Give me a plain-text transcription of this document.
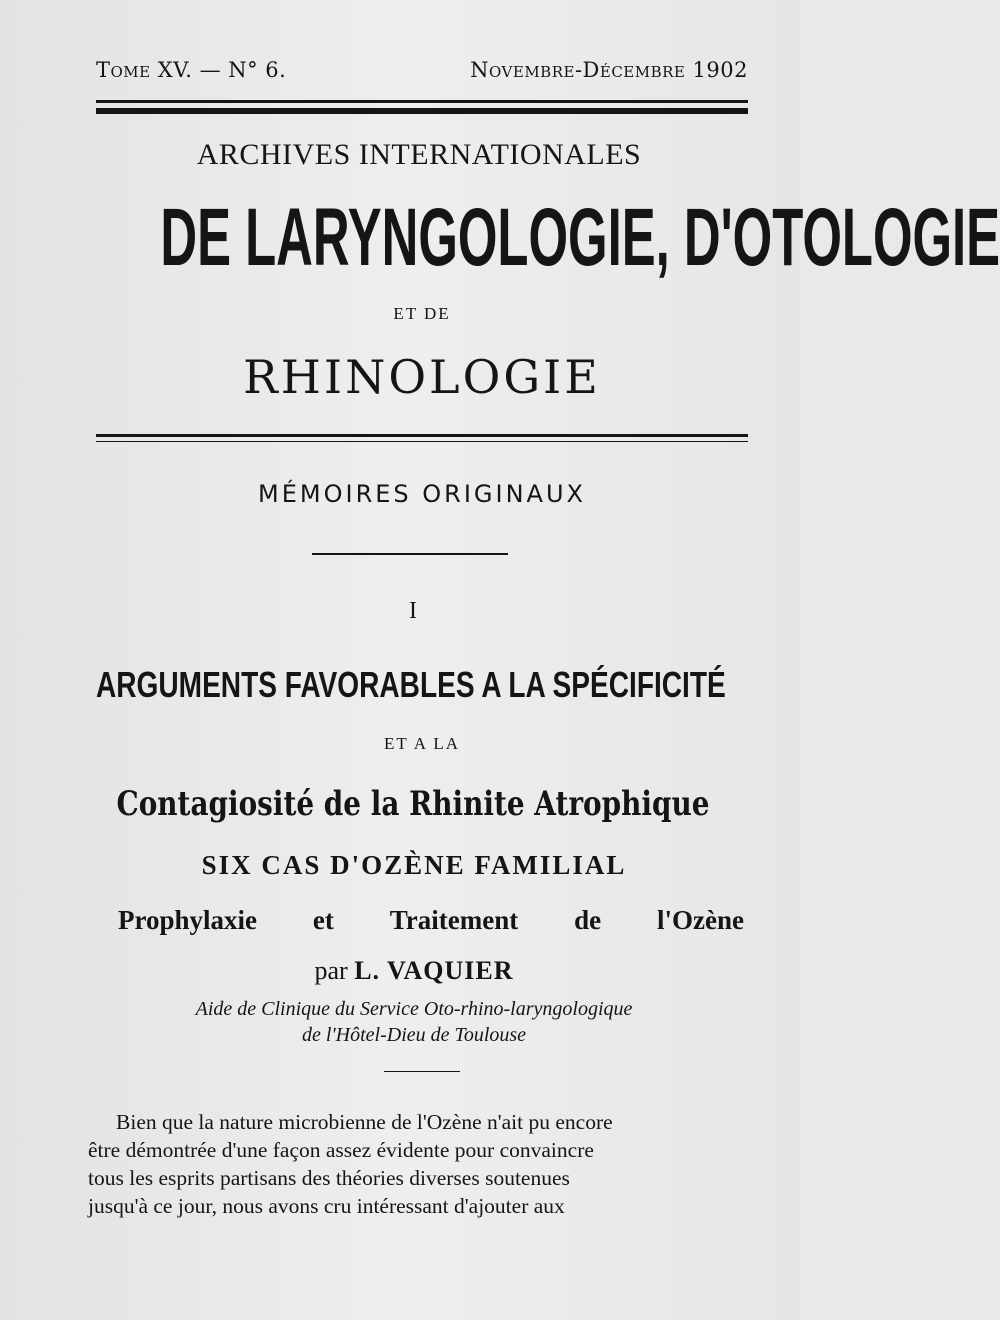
Tome XV. — N° 6.	Novembre-Décembre 1902
ARCHIVES INTERNATIONALES
DE LARYNGOLOGIE, D'OTOLOGIE
ET DE
RHINOLOGIE
MÉMOIRES ORIGINAUX
I
ARGUMENTS FAVORABLES A LA SPÉCIFICITÉ
ET A LA
Contagiosité de la Rhinite Atrophique
SIX CAS D'OZÈNE FAMILIAL
Prophylaxie et Traitement de l'Ozène
par L. VAQUIER
Aide de Clinique du Service Oto-rhino-laryngologique
de l'Hôtel-Dieu de Toulouse
Bien que la nature microbienne de l'Ozène n'ait pu encore
être démontrée d'une façon assez évidente pour convaincre
tous les esprits partisans des théories diverses soutenues
jusqu'à ce jour, nous avons cru intéressant d'ajouter aux
